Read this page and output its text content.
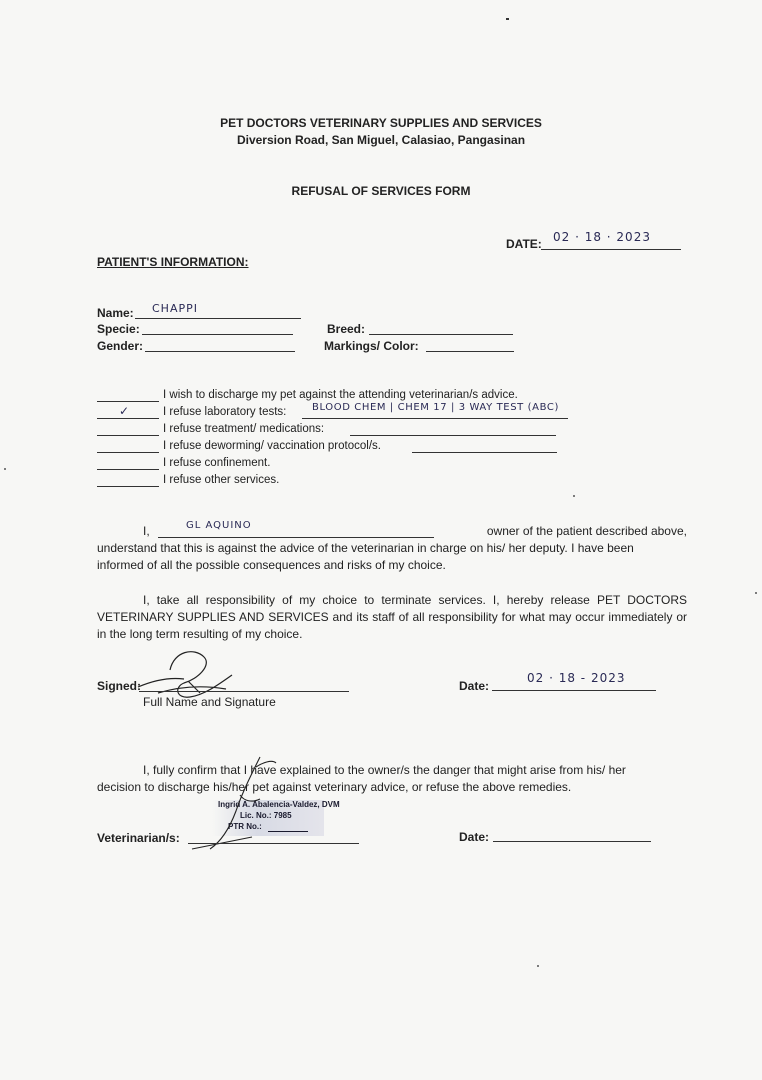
PET DOCTORS VETERINARY SUPPLIES AND SERVICES
Diversion Road, San Miguel, Calasiao, Pangasinan
REFUSAL OF SERVICES FORM
DATE: 02 · 18 · 2023
PATIENT'S INFORMATION:
Name: CHAPPI
Specie:	Breed:
Gender:	Markings/ Color:
I wish to discharge my pet against the attending veterinarian/s advice.
✓	I refuse laboratory tests:	BLOOD CHEM | CHEM 17 | 3 WAY TEST (ABC)
I refuse treatment/ medications:
I refuse deworming/ vaccination protocol/s.
I refuse confinement.
I refuse other services.
I,	GL AQUINO	owner of the patient described above,
understand that this is against the advice of the veterinarian in charge on his/ her deputy. I have been
informed of all the possible consequences and risks of my choice.
I, take all responsibility of my choice to terminate services. I, hereby release PET DOCTORS VETERINARY SUPPLIES AND SERVICES and its staff of all responsibility for what may occur immediately or in the long term resulting of my choice.
Signed:
Full Name and Signature
Date:
02 · 18 - 2023
I, fully confirm that I have explained to the owner/s the danger that might arise from his/ her
decision to discharge his/her pet against veterinary advice, or refuse the above remedies.
Ingrid A. Abalencia-Valdez, DVM
Lic. No.: 7985
PTR No.:
Veterinarian/s:	Date:
